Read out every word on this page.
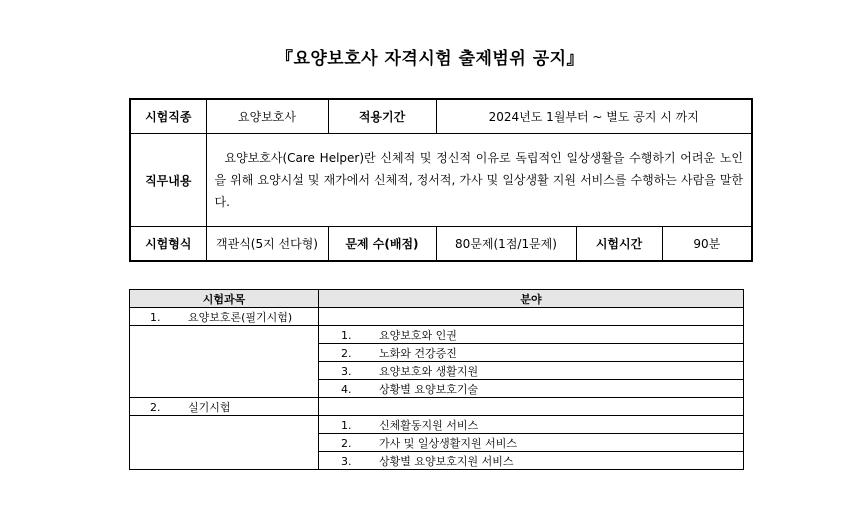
『요양보호사 자격시험 출제범위 공지』
시험직종	요양보호사	적용기간	2024년도 1월부터 ~ 별도 공지 시 까지		
직무내용	요양보호사(Care Helper)란 신체적 및 정신적 이유로 독립적인 일상생활을 수행하기 어려운 노인을 위해 요양시설 및 재가에서 신체적, 정서적, 가사 및 일상생활 지원 서비스를 수행하는 사람을 말한다.				
시험형식	객관식(5지 선다형)	문제 수(배점)	80문제(1점/1문제)	시험시간	90분
시험과목	분야
1. 요양보호론(필기시험)	
	1. 요양보호와 인권
	2. 노화와 건강증진
	3. 요양보호와 생활지원
	4. 상황별 요양보호기술
2. 실기시험	
	1. 신체활동지원 서비스
	2. 가사 및 일상생활지원 서비스
	3. 상황별 요양보호지원 서비스
